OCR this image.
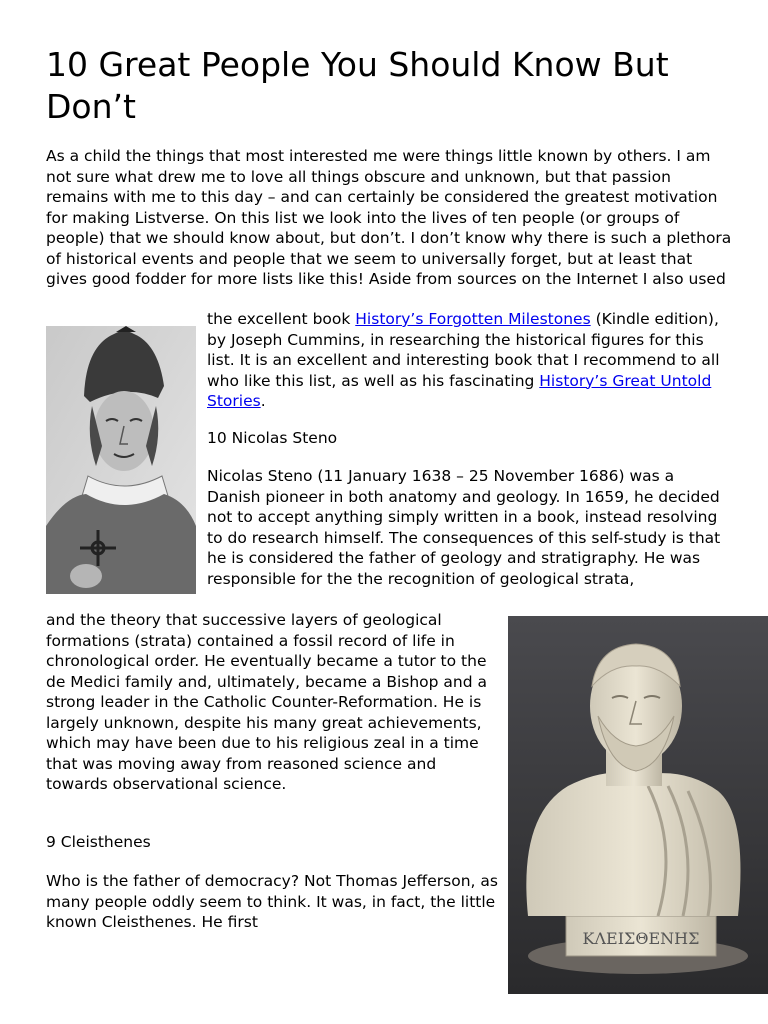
10 Great People You Should Know But Don’t

As a child the things that most interested me were things little known by others. I am not sure what drew me to love all things obscure and unknown, but that passion remains with me to this day – and can certainly be considered the greatest motivation for making Listverse. On this list we look into the lives of ten people (or groups of people) that we should know about, but don’t. I don’t know why there is such a plethora of historical events and people that we seem to universally forget, but at least that gives good fodder for more lists like this! Aside from sources on the Internet I also used

the excellent book History’s Forgotten Milestones (Kindle edition), by Joseph Cummins, in researching the historical figures for this list. It is an excellent and interesting book that I recommend to all who like this list, as well as his fascinating History’s Great Untold Stories.

10 Nicolas Steno

Nicolas Steno (11 January 1638 – 25 November 1686) was a Danish pioneer in both anatomy and geology. In 1659, he decided not to accept anything simply written in a book, instead resolving to do research himself. The consequences of this self-study is that he is considered the father of geology and stratigraphy. He was responsible for the the recognition of geological strata,

and the theory that successive layers of geological formations (strata) contained a fossil record of life in chronological order. He eventually became a tutor to the de Medici family and, ultimately, became a Bishop and a strong leader in the Catholic Counter-Reformation. He is largely unknown, despite his many great achievements, which may have been due to his religious zeal in a time that was moving away from reasoned science and towards observational science.

ΚΛΕΙΣΘΕΝΗΣ

9 Cleisthenes

Who is the father of democracy? Not Thomas Jefferson, as many people oddly seem to think. It was, in fact, the little known Cleisthenes. He first
